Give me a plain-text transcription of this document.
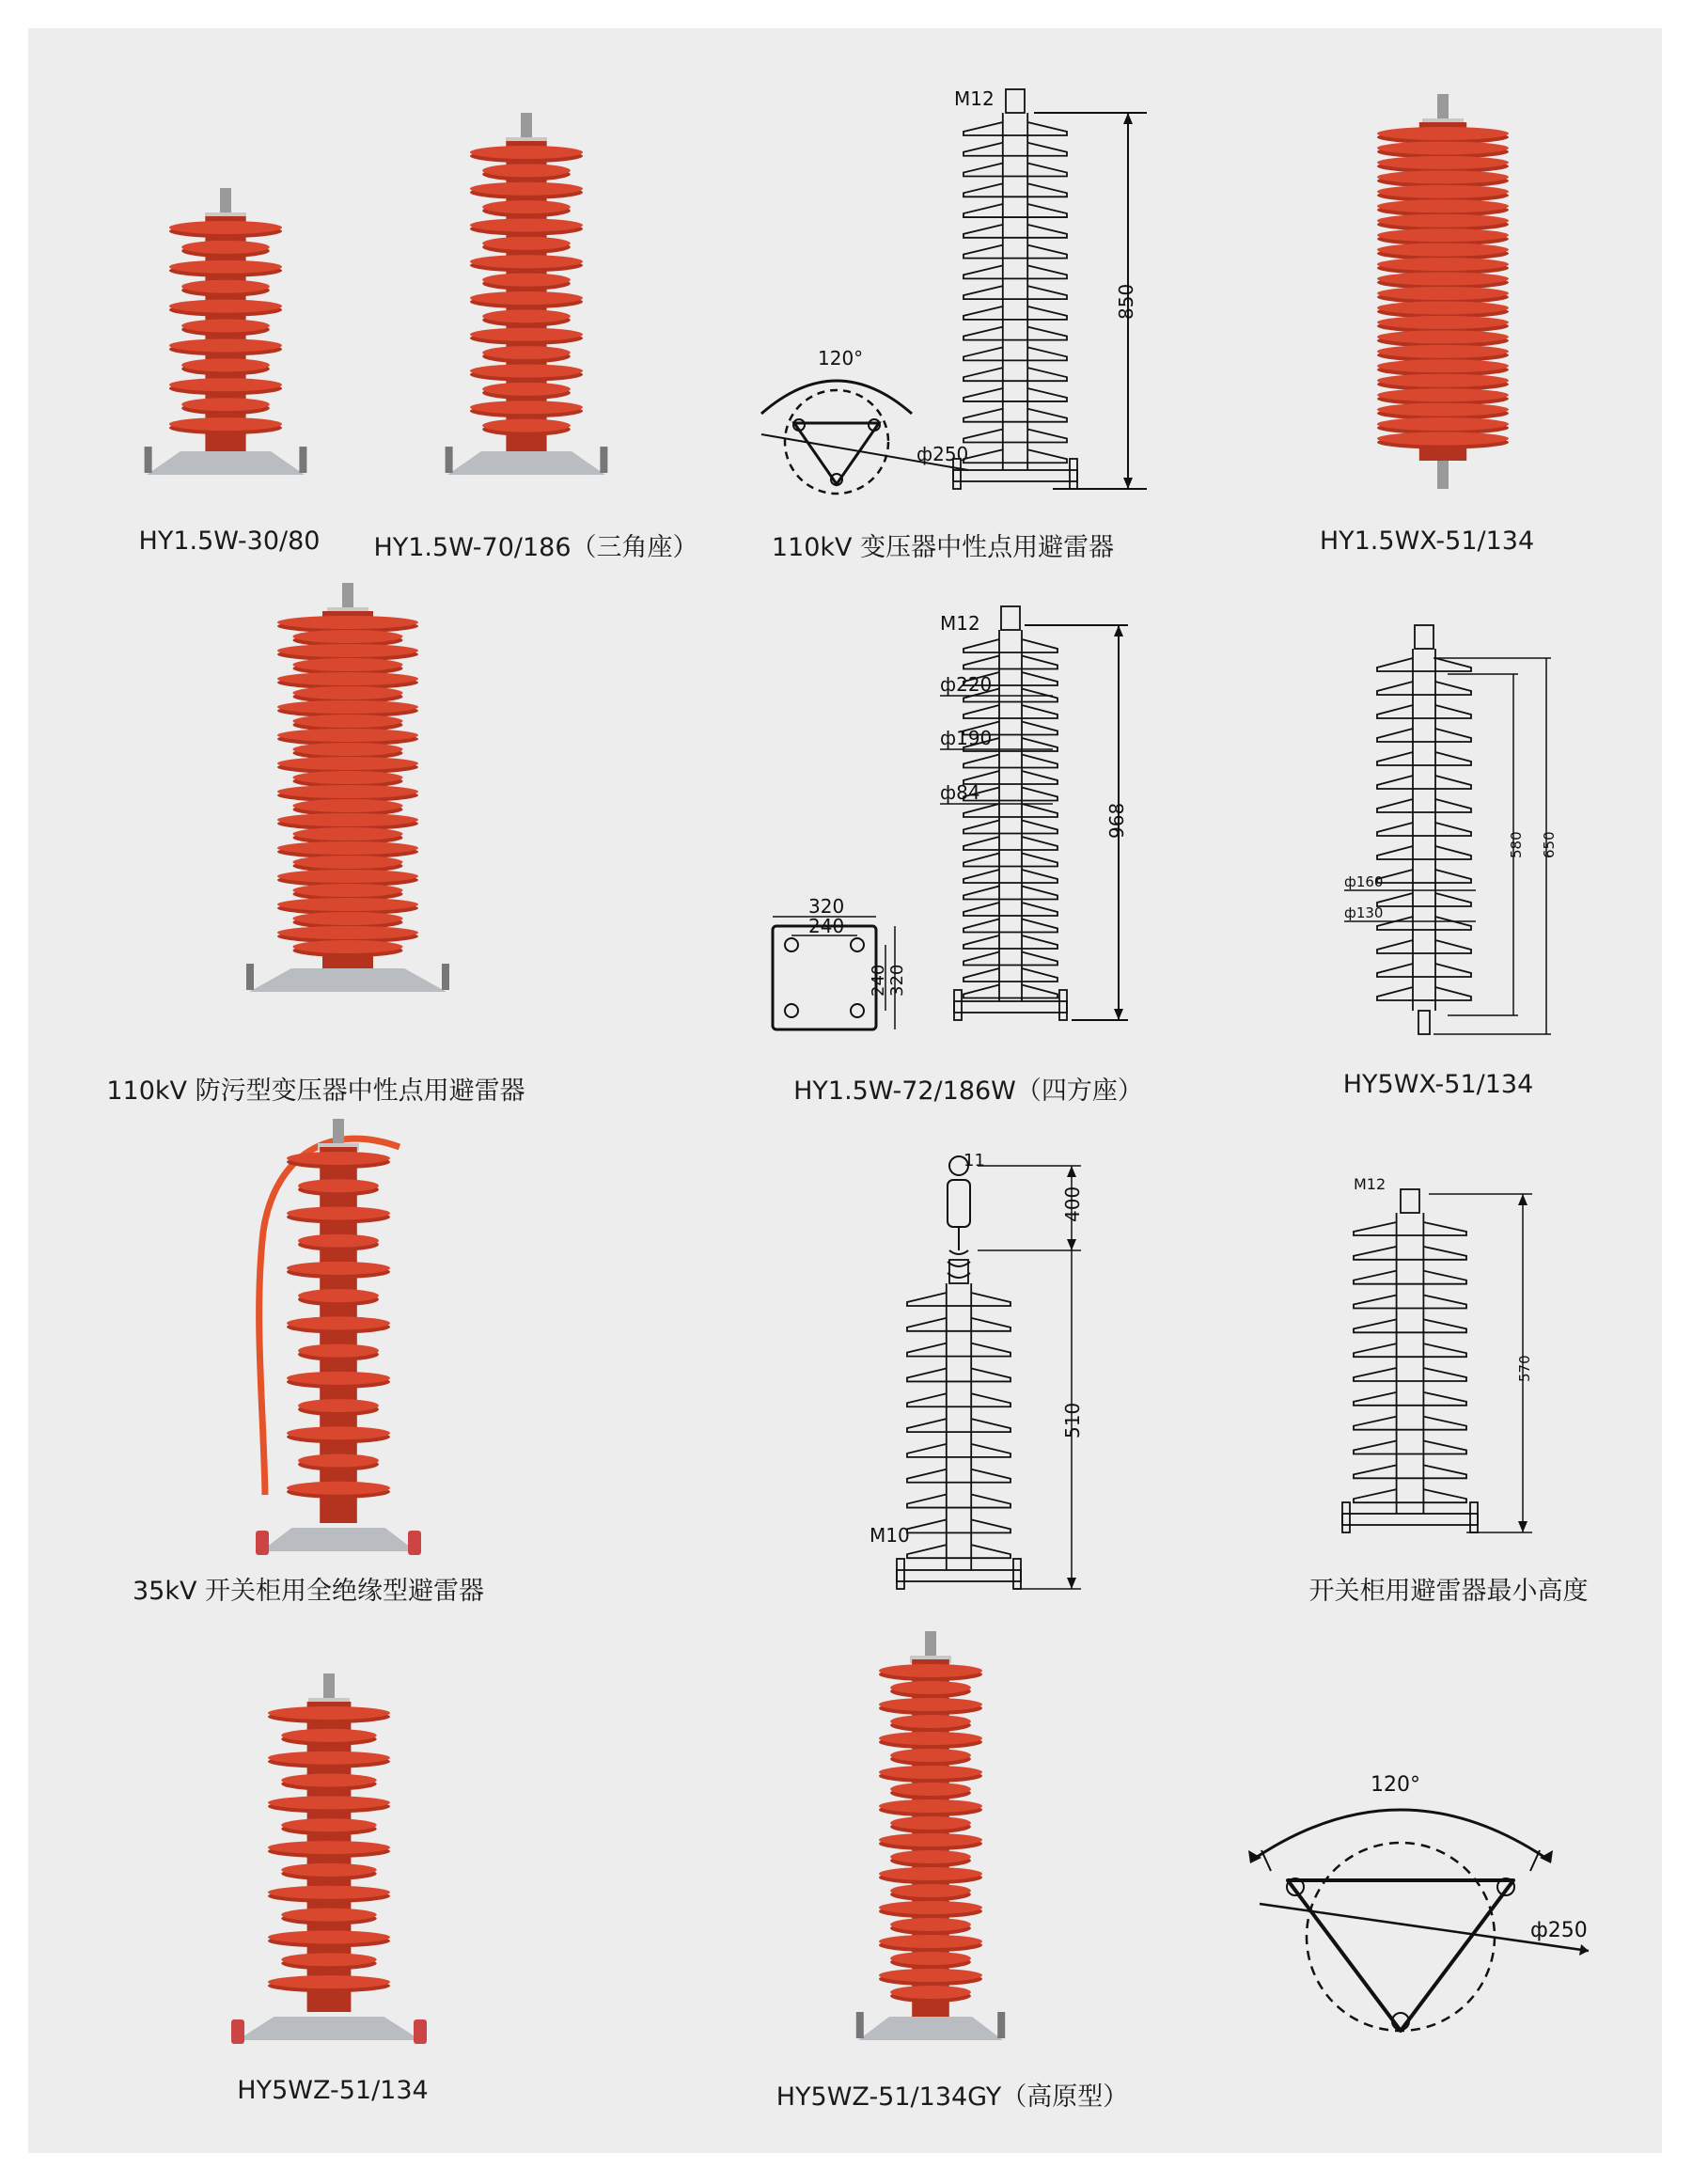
HY1.5W-30/80 HY1.5W-70/186（三角座）
M12
850
120°
ф250
110kV 变压器中性点用避雷器	HY1.5WX-51/134
110kV 防污型变压器中性点用避雷器
M12
968
ф220
ф190
ф84
320
240
240 320
HY1.5W-72/186W（四方座）
580 650
ф160
ф130
HY5WX-51/134
35kV 开关柜用全绝缘型避雷器
11
400
510
M10
M12
570
开关柜用避雷器最小高度
HY5WZ-51/134	HY5WZ-51/134GY（高原型）
120°
ф250
